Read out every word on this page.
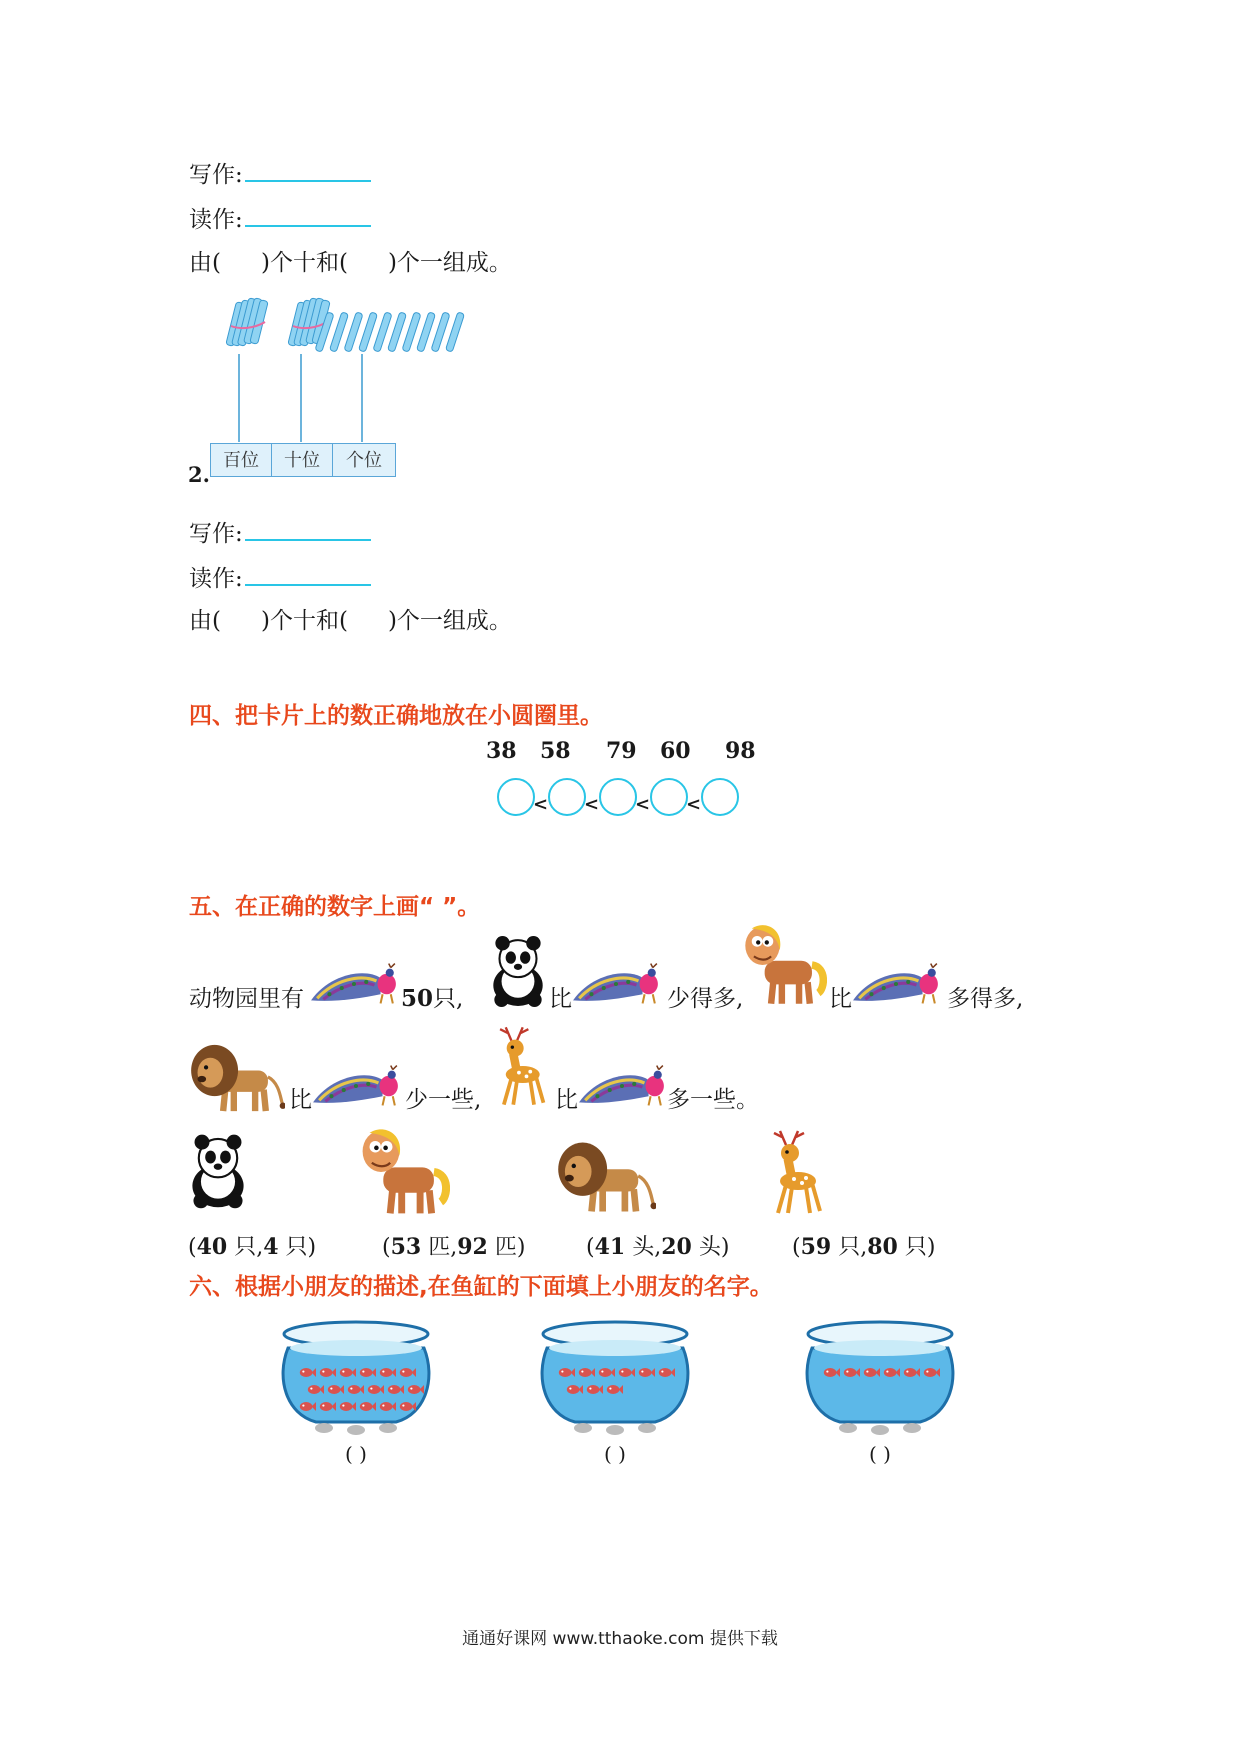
写作:
读作:
由( )个十和( )个一组成。
2.
百位	十位	个位
写作:
读作:
由( )个十和( )个一组成。
四、把卡片上的数正确地放在小圆圈里。
38 58 79 60 98
< < < <
五、在正确的数字上画“ ”。
动物园里有	50 只,	比	少得多,	比	多得多,
比	少一些,	比	多一些。
(40 只,4 只)	(53 匹,92 匹)	(41 头,20 头)	(59 只,80 只)
六、根据小朋友的描述,在鱼缸的下面填上小朋友的名字。
( )	( )	( )
通通好课网 www.tthaoke.com 提供下载
